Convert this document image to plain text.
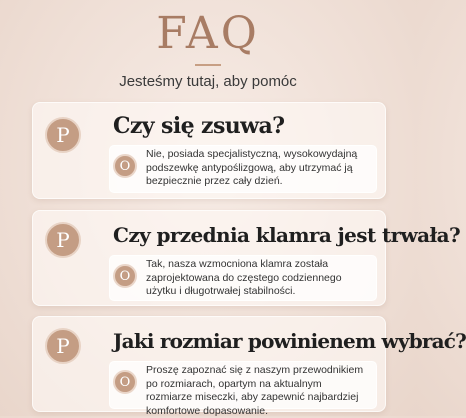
FAQ
Jesteśmy tutaj, aby pomóc
P	Czy się zsuwa?
O
Nie, posiada specjalistyczną, wysokowydajną podszewkę antypoślizgową, aby utrzymać ją bezpiecznie przez cały dzień.
P	Czy przednia klamra jest trwała?
O
Tak, nasza wzmocniona klamra została zaprojektowana do częstego codziennego użytku i długotrwałej stabilności.
P	Jaki rozmiar powinienem wybrać?
O
Proszę zapoznać się z naszym przewodnikiem po rozmiarach, opartym na aktualnym rozmiarze miseczki, aby zapewnić najbardziej komfortowe dopasowanie.
